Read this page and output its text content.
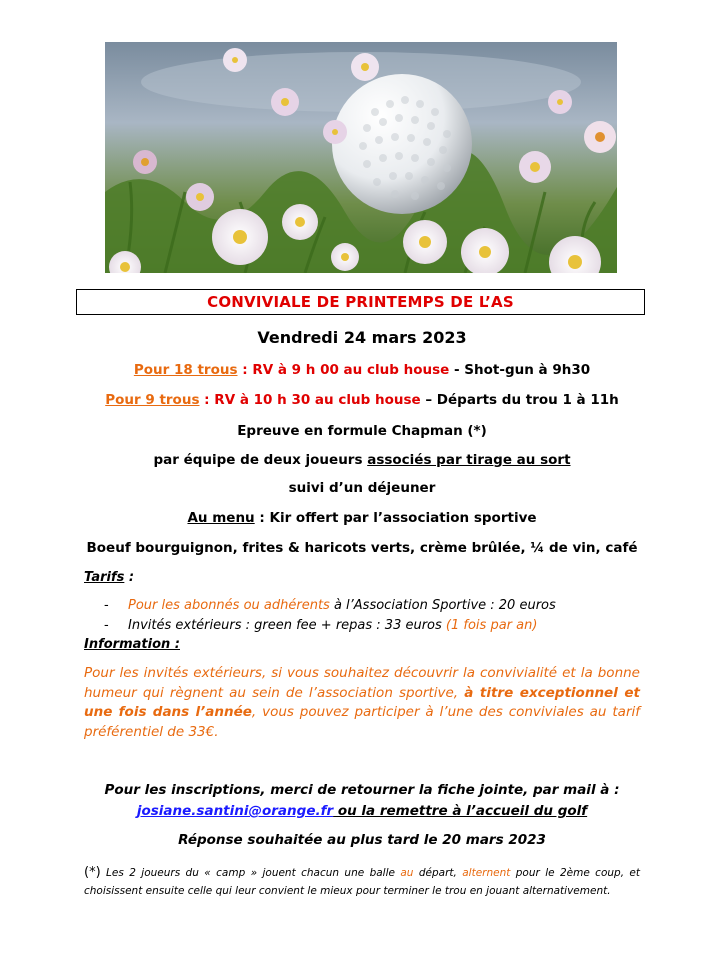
CONVIVIALE DE PRINTEMPS DE L’AS
Vendredi 24 mars 2023
Pour 18 trous : RV à 9 h 00 au club house - Shot-gun à 9h30
Pour 9 trous : RV à 10 h 30 au club house – Départs du trou 1 à 11h
Epreuve en formule Chapman (*)
par équipe de deux joueurs associés par tirage au sort
suivi d’un déjeuner
Au menu : Kir offert par l’association sportive
Boeuf bourguignon, frites & haricots verts, crème brûlée, ¼ de vin, café
Tarifs :
- Pour les abonnés ou adhérents à l’Association Sportive : 20 euros
- Invités extérieurs : green fee + repas : 33 euros (1 fois par an)
Information :
Pour les invités extérieurs, si vous souhaitez découvrir la convivialité et la bonne humeur qui règnent au sein de l’association sportive, à titre exceptionnel et une fois dans l’année, vous pouvez participer à l’une des conviviales au tarif préférentiel de 33€.
Pour les inscriptions, merci de retourner la fiche jointe, par mail à :
josiane.santini@orange.fr ou la remettre à l’accueil du golf
Réponse souhaitée au plus tard le 20 mars 2023
(*) Les 2 joueurs du « camp » jouent chacun une balle au départ, alternent pour le 2ème coup, et choisissent ensuite celle qui leur convient le mieux pour terminer le trou en jouant alternativement.
